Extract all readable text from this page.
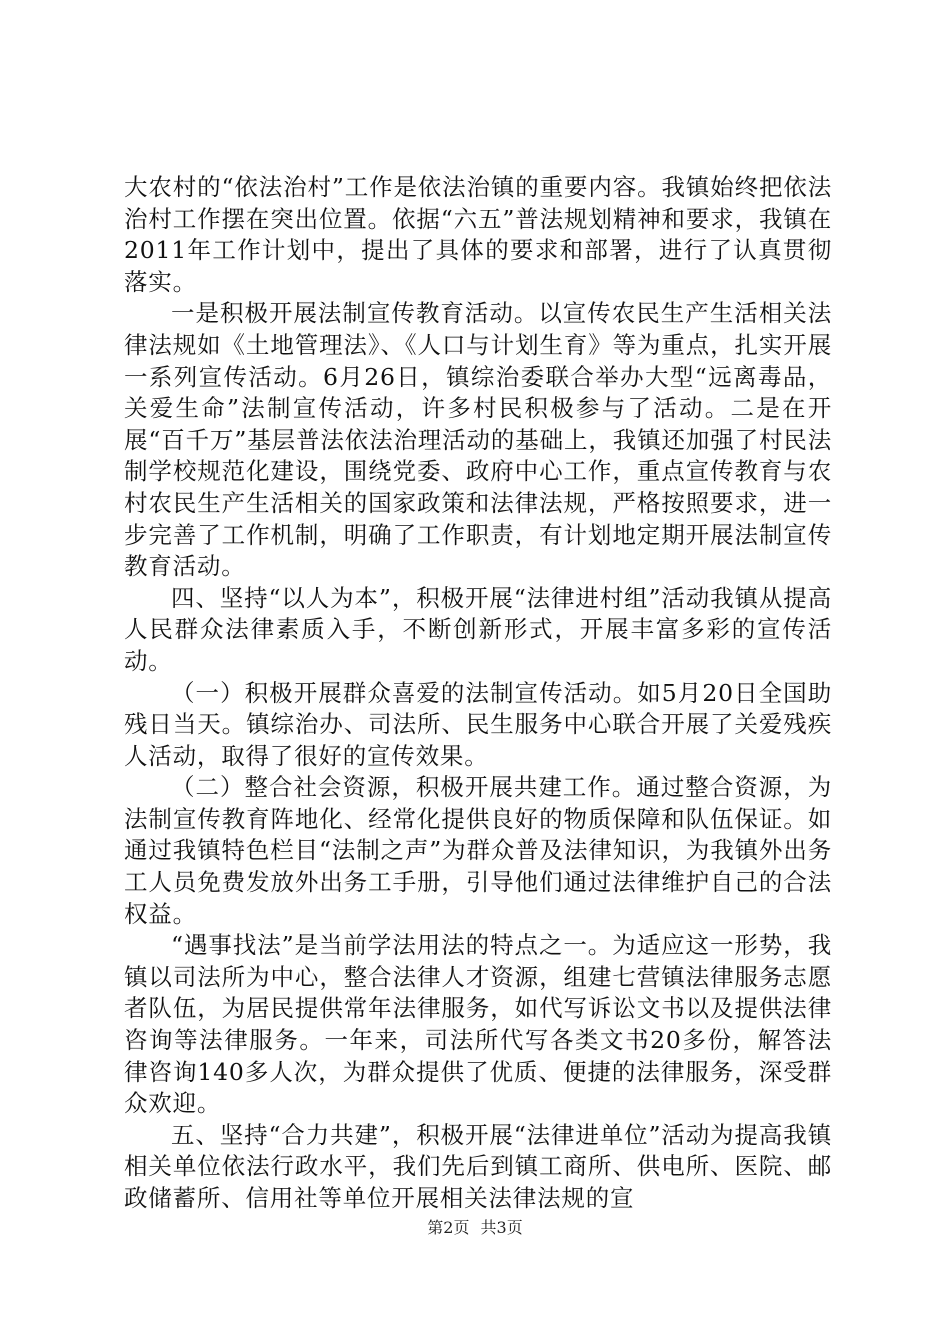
大农村的“依法治村”工作是依法治镇的重要内容。我镇始终把依法治村工作摆在突出位置。依据“六五”普法规划精神和要求，我镇在2011年工作计划中，提出了具体的要求和部署，进行了认真贯彻落实。

一是积极开展法制宣传教育活动。以宣传农民生产生活相关法律法规如《土地管理法》、《人口与计划生育》等为重点，扎实开展一系列宣传活动。6月26日，镇综治委联合举办大型“远离毒品，关爱生命”法制宣传活动，许多村民积极参与了活动。二是在开展“百千万”基层普法依法治理活动的基础上，我镇还加强了村民法制学校规范化建设，围绕党委、政府中心工作，重点宣传教育与农村农民生产生活相关的国家政策和法律法规，严格按照要求，进一步完善了工作机制，明确了工作职责，有计划地定期开展法制宣传教育活动。

四、坚持“以人为本”，积极开展“法律进村组”活动我镇从提高人民群众法律素质入手，不断创新形式，开展丰富多彩的宣传活动。

（一）积极开展群众喜爱的法制宣传活动。如5月20日全国助残日当天。镇综治办、司法所、民生服务中心联合开展了关爱残疾人活动，取得了很好的宣传效果。

（二）整合社会资源，积极开展共建工作。通过整合资源，为法制宣传教育阵地化、经常化提供良好的物质保障和队伍保证。如通过我镇特色栏目“法制之声”为群众普及法律知识，为我镇外出务工人员免费发放外出务工手册，引导他们通过法律维护自己的合法权益。

“遇事找法”是当前学法用法的特点之一。为适应这一形势，我镇以司法所为中心，整合法律人才资源，组建七营镇法律服务志愿者队伍，为居民提供常年法律服务，如代写诉讼文书以及提供法律咨询等法律服务。一年来，司法所代写各类文书20多份，解答法律咨询140多人次，为群众提供了优质、便捷的法律服务，深受群众欢迎。

五、坚持“合力共建”，积极开展“法律进单位”活动为提高我镇相关单位依法行政水平，我们先后到镇工商所、供电所、医院、邮政储蓄所、信用社等单位开展相关法律法规的宣

第2页 共3页
